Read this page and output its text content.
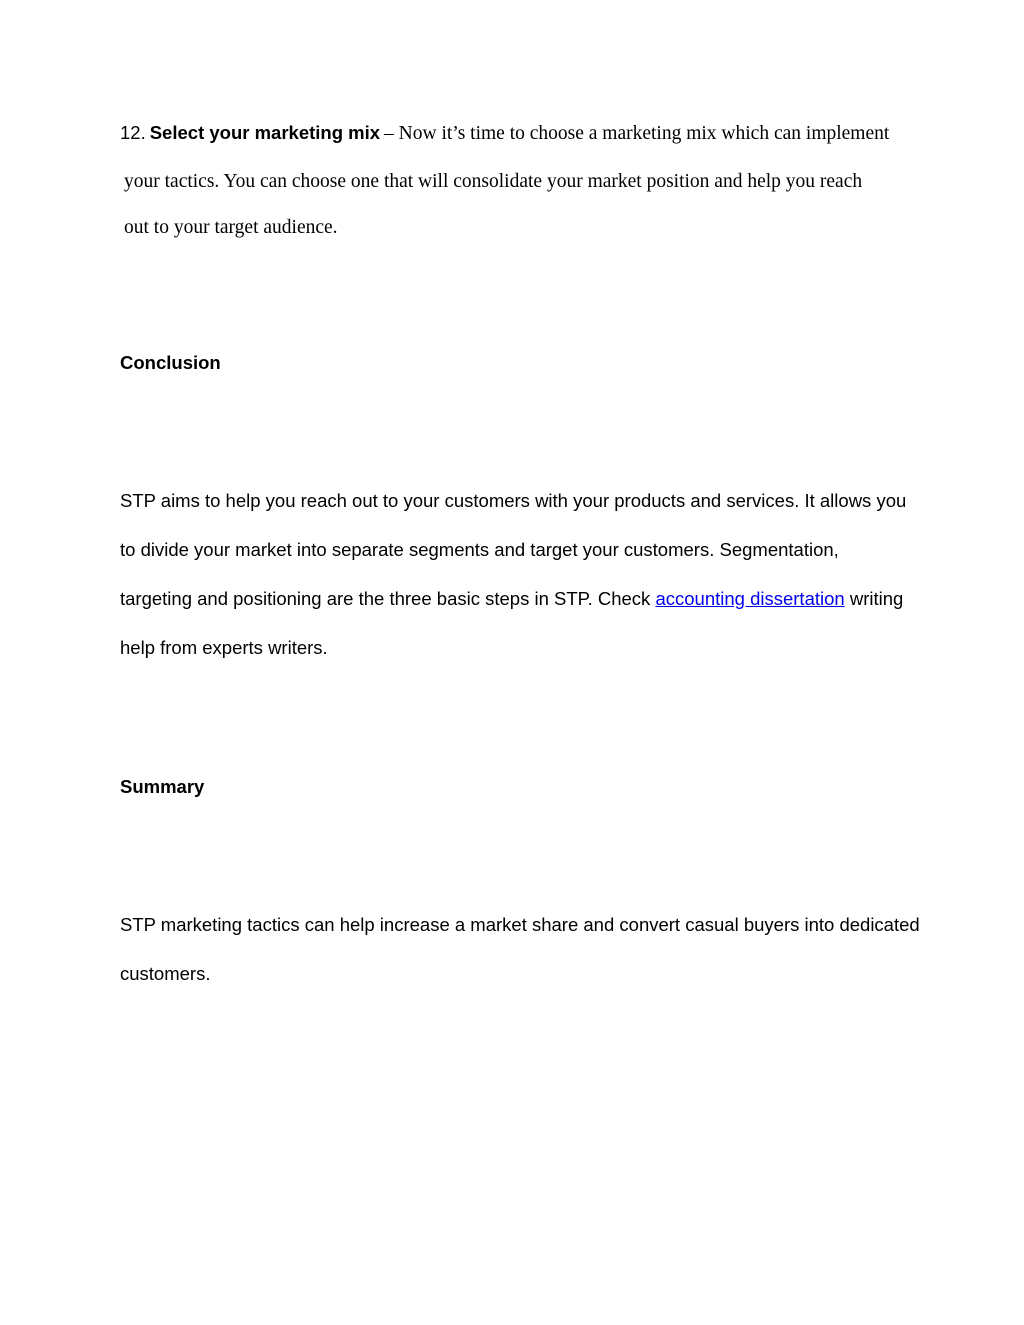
12. Select your marketing mix – Now it’s time to choose a marketing mix which can implement
your tactics. You can choose one that will consolidate your market position and help you reach
out to your target audience.
Conclusion
STP aims to help you reach out to your customers with your products and services. It allows you
to divide your market into separate segments and target your customers. Segmentation,
targeting and positioning are the three basic steps in STP. Check accounting dissertation writing
help from experts writers.
Summary
STP marketing tactics can help increase a market share and convert casual buyers into dedicated
customers.
